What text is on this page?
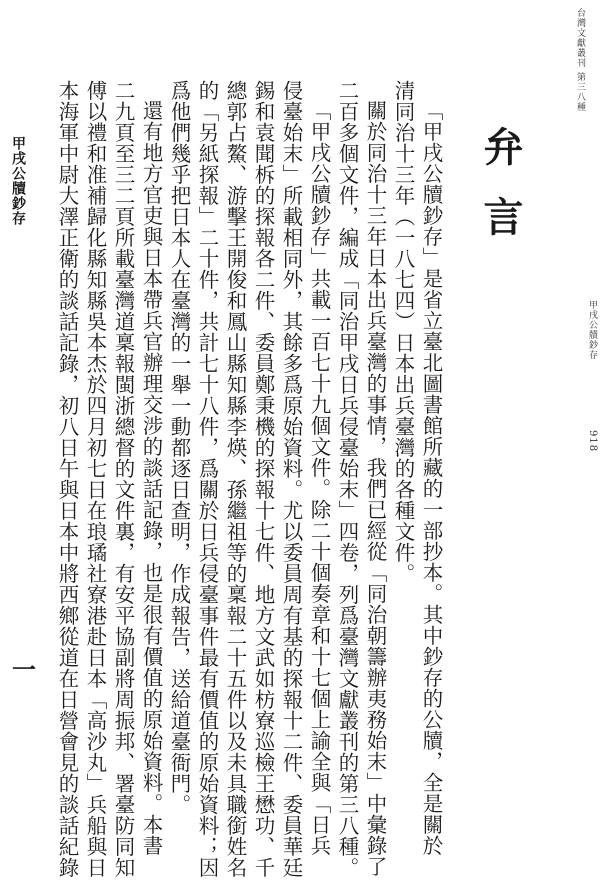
台灣文獻叢刊 第三八種
甲戌公牘鈔存
918
弁言
「甲戌公牘鈔存」是省立臺北圖書館所藏的一部抄本。其中鈔存的公牘，全是關於
清同治十三年（一八七四）日本出兵臺灣的各種文件。
關於同治十三年日本出兵臺灣的事情，我們已經從「同治朝籌辦夷務始末」中彙錄了
二百多個文件，編成「同治甲戌日兵侵臺始末」四卷，列爲臺灣文獻叢刊的第三八種。
「甲戌公牘鈔存」共載一百七十九個文件。除二十個奏章和十七個上諭全與「日兵
侵臺始末」所載相同外，其餘多爲原始資料。尤以委員周有基的探報十二件、委員華廷
錫和袁聞柝的探報各二件、委員鄭秉機的探報十七件、地方文武如枋寮巡檢王懋功、千
總郭占鰲、游擊王開俊和鳳山縣知縣李煐、孫繼祖等的稟報二十五件以及未具職銜姓名
的「另紙探報」二十件，共計七十八件，爲關於日兵侵臺事件最有價值的原始資料；因
爲他們幾乎把日本人在臺灣的一舉一動都逐日查明，作成報告，送給道臺衙門。
還有地方官吏與日本帶兵官辦理交涉的談話記錄，也是很有價值的原始資料。本書
二九頁至三二頁所載臺灣道稟報閩浙總督的文件裏，有安平協副將周振邦、署臺防同知
傅以禮和准補歸化縣知縣吳本杰於四月初七日在琅璚社寮港赴日本「高沙丸」兵船與日
本海軍中尉大澤正衛的談話記錄，初八日午與日本中將西鄉從道在日營會見的談話紀錄
甲戌公牘鈔存
一
